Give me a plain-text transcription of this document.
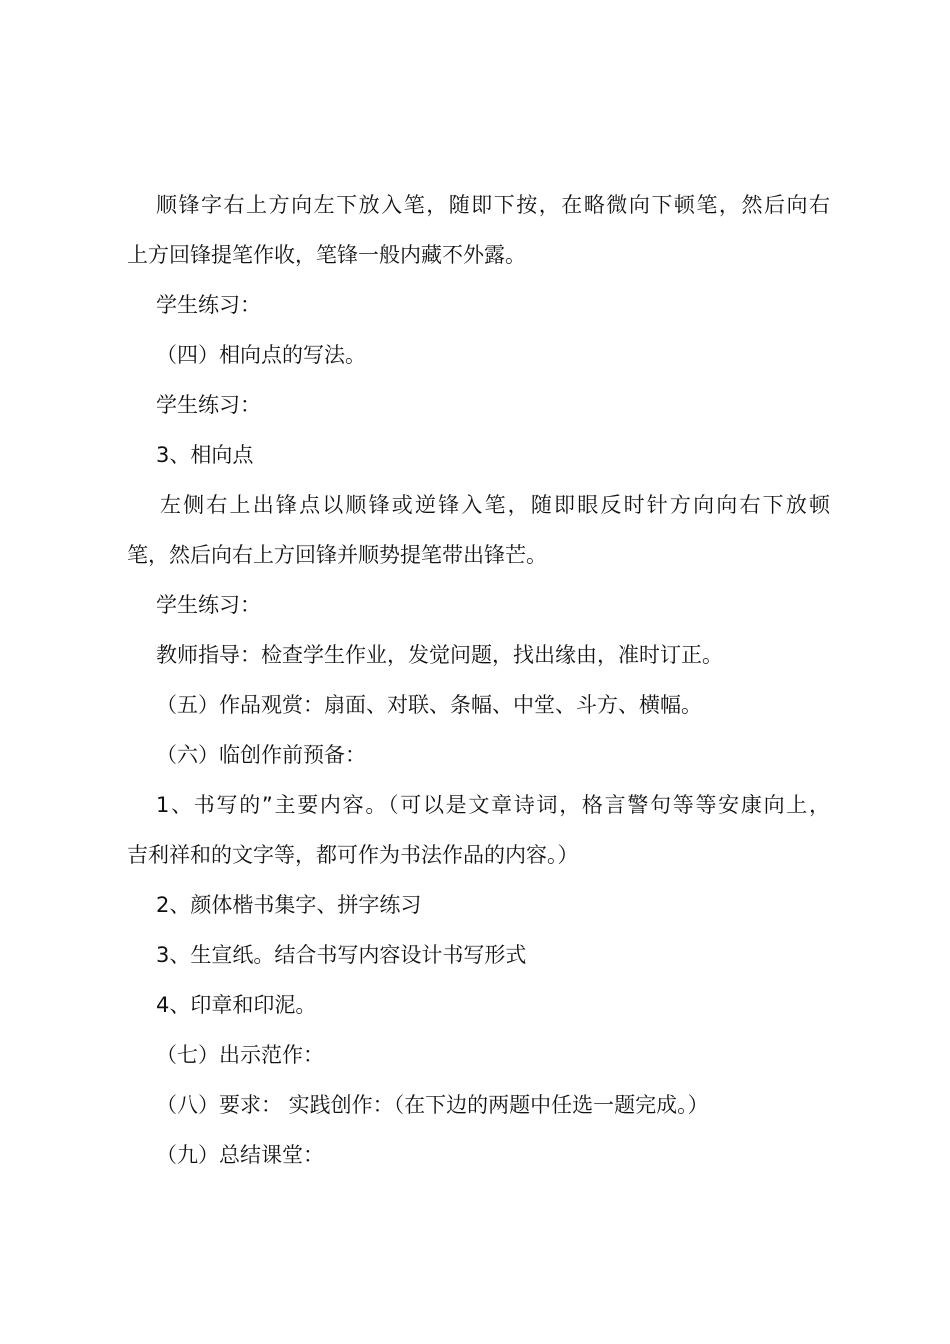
顺锋字右上方向左下放入笔，随即下按，在略微向下顿笔，然后向右
上方回锋提笔作收，笔锋一般内藏不外露。
学生练习：
（四）相向点的写法。
学生练习：
3、相向点
左侧右上出锋点以顺锋或逆锋入笔，随即眼反时针方向向右下放顿
笔，然后向右上方回锋并顺势提笔带出锋芒。
学生练习：
教师指导：检查学生作业，发觉问题，找出缘由，准时订正。
（五）作品观赏：扇面、对联、条幅、中堂、斗方、横幅。
（六）临创作前预备：
1、书写的”主要内容。（可以是文章诗词，格言警句等等安康向上，
吉利祥和的文字等，都可作为书法作品的内容。）
2、颜体楷书集字、拼字练习
3、生宣纸。结合书写内容设计书写形式
4、印章和印泥。
（七）出示范作：
（八）要求： 实践创作：（在下边的两题中任选一题完成。）
（九）总结课堂：
